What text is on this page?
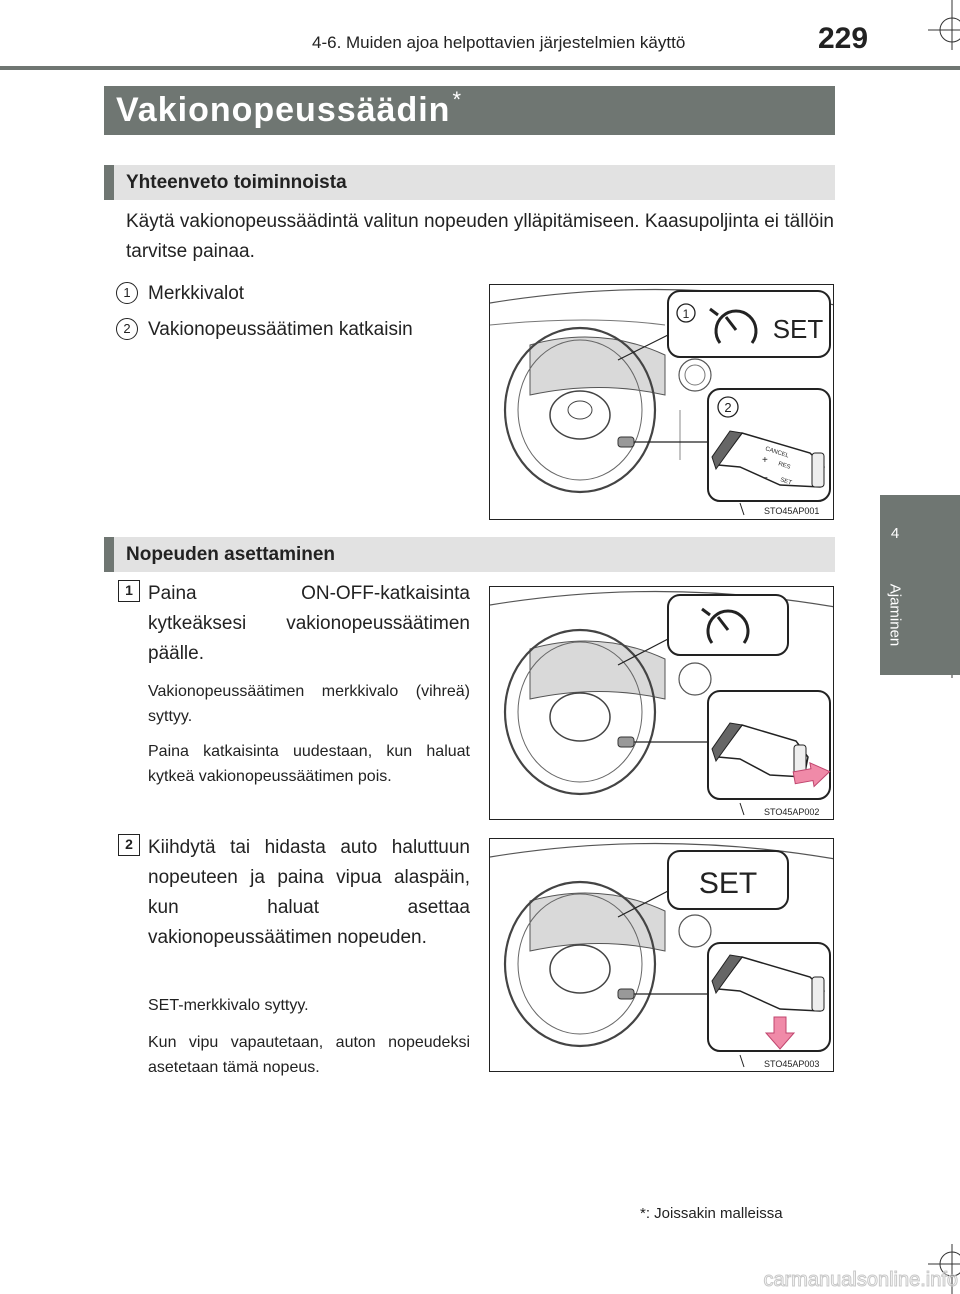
4-6. Muiden ajoa helpottavien järjestelmien käyttö	229
4
Ajaminen
Vakionopeussäädin*
Yhteenveto toiminnoista
Käytä vakionopeussäädintä valitun nopeuden ylläpitämiseen. Kaasupoljinta ei tällöin tarvitse painaa.
1 Merkkivalot
2 Vakionopeussäätimen katkaisin
1	SET
2
CANCEL
RES
SET
+
−
STO45AP001
Nopeuden asettaminen
1 Paina ON-OFF-katkaisinta kytkeäksesi vakionopeussäätimen päälle.
Vakionopeussäätimen merkkivalo (vihreä) syttyy.
Paina katkaisinta uudestaan, kun haluat kytkeä vakionopeussäätimen pois.
STO45AP002
2 Kiihdytä tai hidasta auto haluttuun nopeuteen ja paina vipua alaspäin, kun haluat asettaa vakionopeussäätimen nopeuden.
SET-merkkivalo syttyy.
Kun vipu vapautetaan, auton nopeudeksi asetetaan tämä nopeus.
SET
STO45AP003
*: Joissakin malleissa
carmanualsonline.info
